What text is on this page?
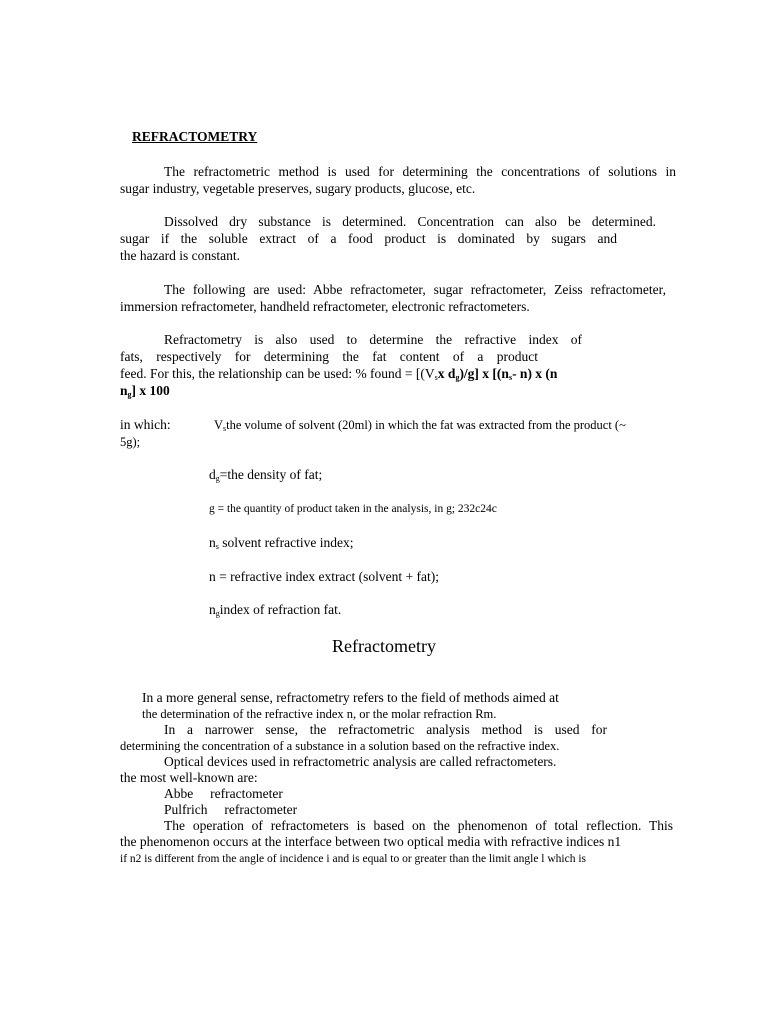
REFRACTOMETRY
The refractometric method is used for determining the concentrations of solutions in
sugar industry, vegetable preserves, sugary products, glucose, etc.
Dissolved dry substance is determined. Concentration can also be determined.
sugar if the soluble extract of a food product is dominated by sugars and
the hazard is constant.
The following are used: Abbe refractometer, sugar refractometer, Zeiss refractometer,
immersion refractometer, handheld refractometer, electronic refractometers.
Refractometry is also used to determine the refractive index of
fats, respectively for determining the fat content of a product
feed. For this, the relationship can be used: % found = [($V_sx$ $d_g)/g$] x [($n_s-$ n) x (n
$n_g$] x 100
in which:	$V_sthe$ volume of solvent (20ml) in which the fat was extracted from the product (~
5g);
$d_g=the$ density of fat;
g = the quantity of product taken in the analysis, in g; 232c24c
$n_s$ solvent refractive index;
n = refractive index extract (solvent + fat);
$n_gindex$ of refraction fat.
Refractometry
In a more general sense, refractometry refers to the field of methods aimed at
the determination of the refractive index n, or the molar refraction Rm.
In a narrower sense, the refractometric analysis method is used for
determining the concentration of a substance in a solution based on the refractive index.
Optical devices used in refractometric analysis are called refractometers.
the most well-known are:
Abbe     refractometer
Pulfrich     refractometer
The operation of refractometers is based on the phenomenon of total reflection. This
the phenomenon occurs at the interface between two optical media with refractive indices n1
if n2 is different from the angle of incidence i and is equal to or greater than the limit angle l which is
